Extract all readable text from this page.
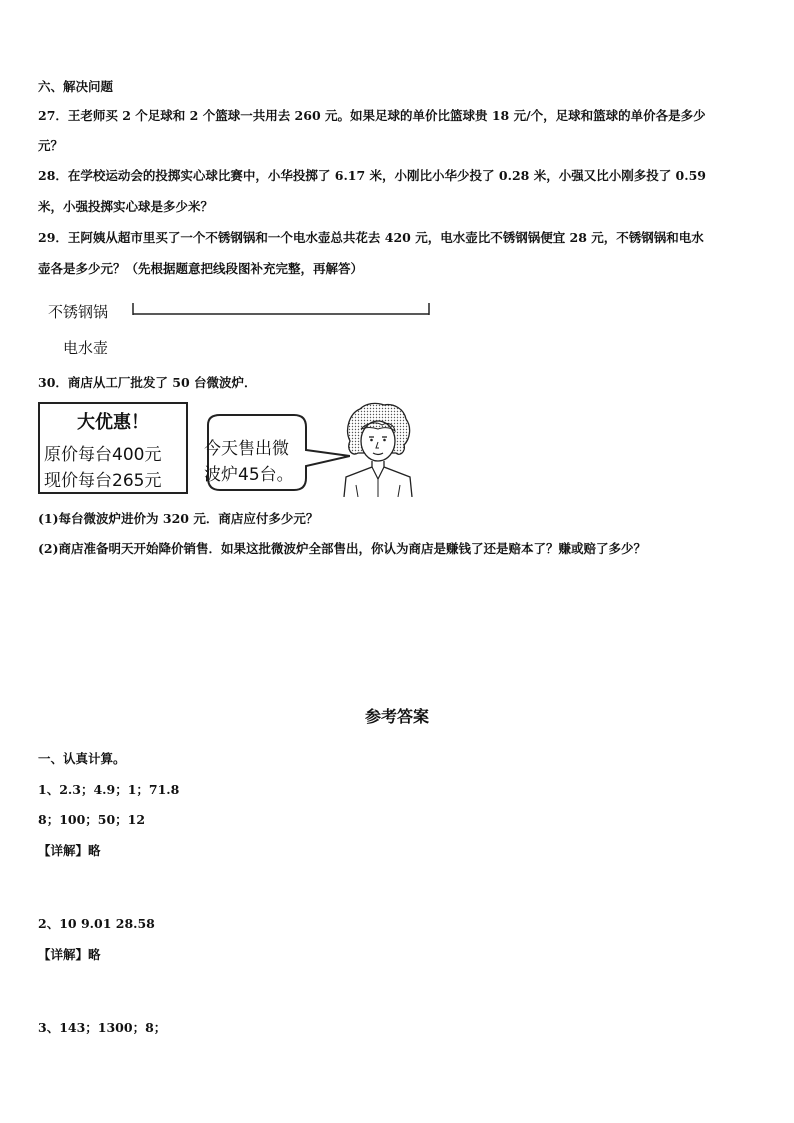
六、解决问题
27．王老师买 2 个足球和 2 个篮球一共用去 260 元。如果足球的单价比篮球贵 18 元/个，足球和篮球的单价各是多少
元？
28．在学校运动会的投掷实心球比赛中，小华投掷了 6.17 米，小刚比小华少投了 0.28 米，小强又比小刚多投了 0.59
米，小强投掷实心球是多少米？
29．王阿姨从超市里买了一个不锈钢锅和一个电水壶总共花去 420 元，电水壶比不锈钢锅便宜 28 元，不锈钢锅和电水
壶各是多少元？（先根据题意把线段图补充完整，再解答）
不锈钢锅
电水壶
30．商店从工厂批发了 50 台微波炉．
大优惠！
原价每台400元
现价每台265元
今天售出微
波炉45台。
(1)每台微波炉进价为 320 元．商店应付多少元？
(2)商店准备明天开始降价销售．如果这批微波炉全部售出，你认为商店是赚钱了还是赔本了？赚或赔了多少？
参考答案
一、认真计算。
1、2.3；4.9；1；71.8
8；100；50；12
【详解】略
2、10 9.01 28.58
【详解】略
3、143；1300；8；
